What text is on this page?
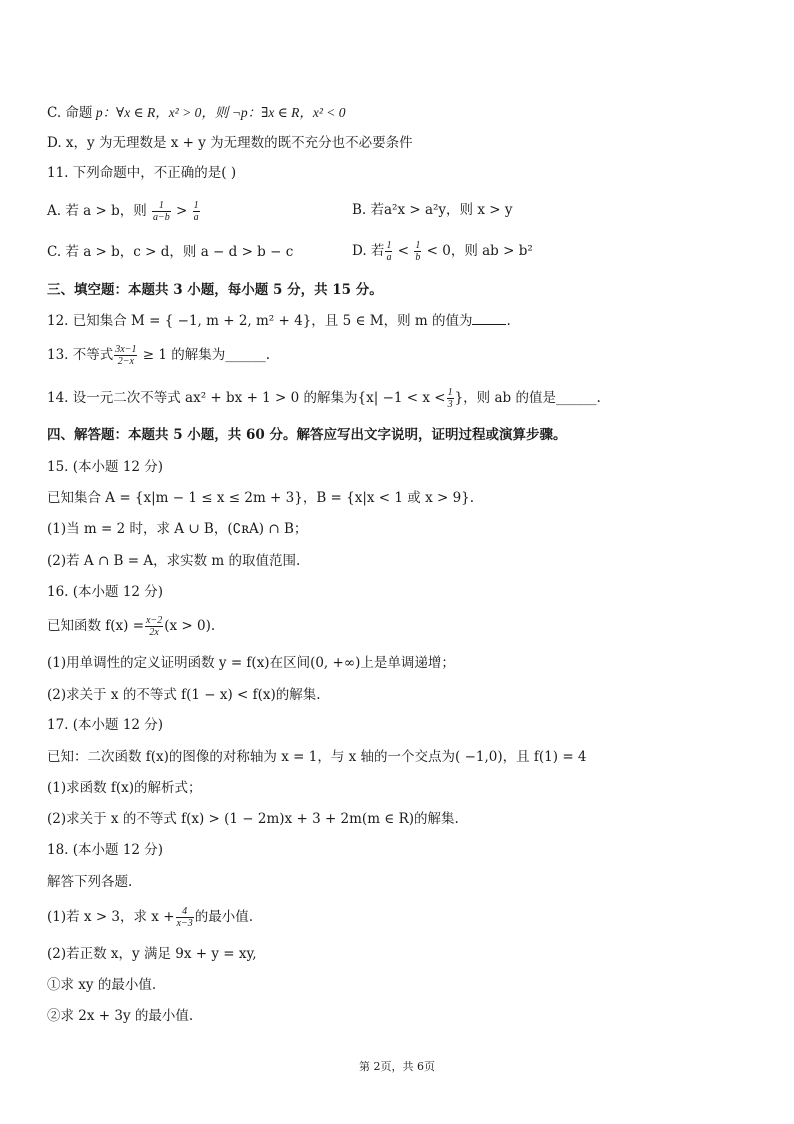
C. 命题 p：∀x ∈ R，x² > 0，则 ¬p：∃x ∈ R，x² < 0
D. x，y 为无理数是 x + y 为无理数的既不充分也不必要条件
11. 下列命题中，不正确的是( )
A. 若 a > b，则 $\frac{1}{a-b} > \frac{1}{a}$	B. 若a²x > a²y，则 x > y
C. 若 a > b，c > d，则 a − d > b − c	D. 若 $\frac{1}{a} < \frac{1}{b} < 0$，则 ab > b²
三、填空题：本题共 3 小题，每小题 5 分，共 15 分。
12. 已知集合 M = { −1, m + 2, m² + 4}，且 5 ∈ M，则 m 的值为	.
13. 不等式 $\frac{3x-1}{2-x} \ge 1$ 的解集为______.
14. 设一元二次不等式 ax² + bx + 1 > 0 的解集为{$x| -1 < x < \frac{1}{3}$ }，则 ab 的值是______.
四、解答题：本题共 5 小题，共 60 分。解答应写出文字说明，证明过程或演算步骤。
15. (本小题 12 分)
已知集合 A = {x|m − 1 ≤ x ≤ 2m + 3}，B = {x|x < 1 或 x > 9}.
(1)当 m = 2 时，求 A ∪ B，(∁ʀA) ∩ B；
(2)若 A ∩ B = A，求实数 m 的取值范围.
16. (本小题 12 分)
已知函数 $f(x) = \frac{x-2}{2x} (x > 0)$.
(1)用单调性的定义证明函数 y = f(x)在区间(0, +∞)上是单调递增；
(2)求关于 x 的不等式 f(1 − x) < f(x)的解集.
17. (本小题 12 分)
已知：二次函数 f(x)的图像的对称轴为 x = 1，与 x 轴的一个交点为( −1,0)，且 f(1) = 4
(1)求函数 f(x)的解析式；
(2)求关于 x 的不等式 f(x) > (1 − 2m)x + 3 + 2m(m ∈ R)的解集.
18. (本小题 12 分)
解答下列各题.
(1)若 x > 3，求 $x + \frac{4}{x-3}$ 的最小值.
(2)若正数 x，y 满足 9x + y = xy,
①求 xy 的最小值.
②求 2x + 3y 的最小值.
第 2页，共 6页
